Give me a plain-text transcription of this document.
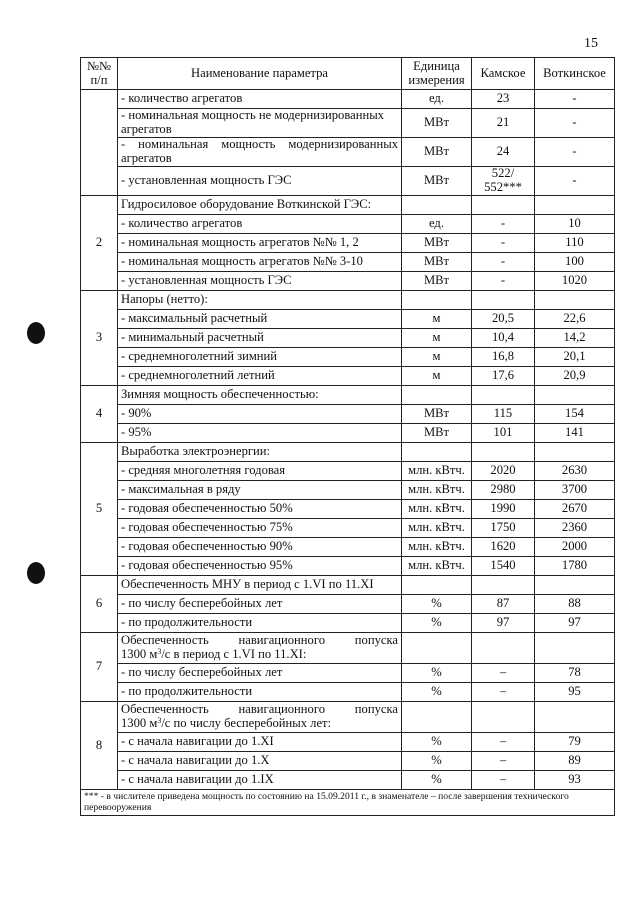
15
№№ п/п	Наименование параметра	Единица измерения	Камское	Воткинское
	- количество агрегатов	ед.	23	-
	- номинальная мощность не модернизированных агрегатов	МВт	21	-
	- номинальная мощность модернизированных агрегатов	МВт	24	-
	- установленная мощность ГЭС	МВт	522/ 552***	-
2	Гидросиловое оборудование Воткинской ГЭС:			
	- количество агрегатов	ед.	-	10
	- номинальная мощность агрегатов №№ 1, 2	МВт	-	110
	- номинальная мощность агрегатов №№ 3-10	МВт	-	100
	- установленная мощность ГЭС	МВт	-	1020
3	Напоры (нетто):			
	- максимальный расчетный	м	20,5	22,6
	- минимальный расчетный	м	10,4	14,2
	- среднемноголетний зимний	м	16,8	20,1
	- среднемноголетний летний	м	17,6	20,9
4	Зимняя мощность обеспеченностью:			
	- 90%	МВт	115	154
	- 95%	МВт	101	141
5	Выработка электроэнергии:			
	- средняя многолетняя годовая	млн. кВтч.	2020	2630
	- максимальная в ряду	млн. кВтч.	2980	3700
	- годовая обеспеченностью 50%	млн. кВтч.	1990	2670
	- годовая обеспеченностью 75%	млн. кВтч.	1750	2360
	- годовая обеспеченностью 90%	млн. кВтч.	1620	2000
	- годовая обеспеченностью 95%	млн. кВтч.	1540	1780
6	Обеспеченность МНУ в период с 1.VI по 11.XI			
	- по числу бесперебойных лет	%	87	88
	- по продолжительности	%	97	97
7	Обеспеченность навигационного попуска
1300 $м^3/с$ в период с 1.VI по 11.XI:			

	- по числу бесперебойных лет	%	–	78
	- по продолжительности	%	–	95
8	Обеспеченность навигационного попуска
1300 $м^3/с$ по числу бесперебойных лет:			

	- с начала навигации до 1.XI	%	–	79
	- с начала навигации до 1.X	%	–	89
	- с начала навигации до 1.IX	%	–	93
*** - в числителе приведена мощность по состоянию на 15.09.2011 г., в знаменателе – после завершения технического перевооружения				
